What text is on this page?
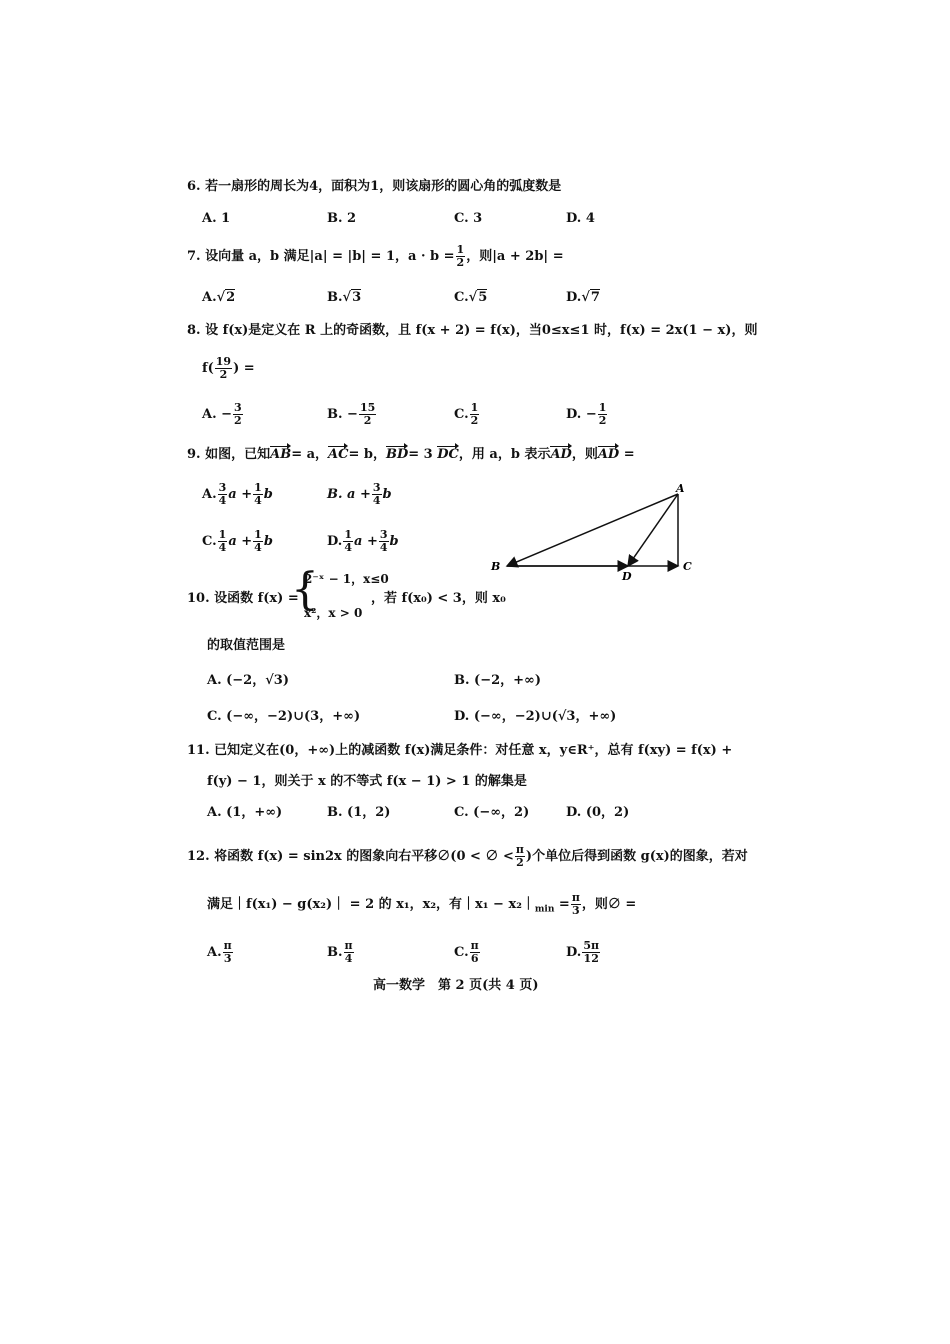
6. 若一扇形的周长为4，面积为1，则该扇形的圆心角的弧度数是
A. 1	B. 2	C. 3	D. 4
7. 设向量 a，b 满足|a| = |b| = 1，$a \cdot b = \frac{1}{2}$ ，则|a + 2b| =
A.√2	B.√3	C.√5	D.√7
8. 设 f(x)是定义在 R 上的奇函数，且 f(x + 2) = f(x)，当0≤x≤1 时，f(x) = 2x(1 − x)，则
$f( \frac{19}{2}$ ) =
A. − $\frac{3}{2}$	B. − $\frac{15}{2}$	C. $\frac{1}{2}$	D. − $\frac{1}{2}$
9. 如图，已知AB= a，AC= b，BD= 3 DC，用 a，b 表示AD，则AD =
A. $\frac{3}{4}$ $a + \frac{1}{4}$ b	B. $a + \frac{3}{4}$ b
C. $\frac{1}{4}$ $a + \frac{1}{4}$ b	D. $\frac{1}{4}$ $a + \frac{3}{4}$ b
A
B	C
D
10. 设函数 f(x) =
{
2⁻ˣ − 1，x≤0
x²，x > 0
，若 f(x₀) < 3，则 x₀
的取值范围是
A. (−2，√3)	B. (−2，+∞)
C. (−∞，−2)∪(3，+∞)	D. (−∞，−2)∪(√3，+∞)
11. 已知定义在(0，+∞)上的减函数 f(x)满足条件：对任意 x，y∈R⁺，总有 f(xy) = f(x) +
f(y) − 1，则关于 x 的不等式 f(x − 1) > 1 的解集是
A. (1，+∞)	B. (1，2)	C. (−∞，2)	D. (0，2)
12. 将函数 f(x) = sin2x 的图象向右平移∅(0 < ∅ < $\frac{\pi}{2}$ )个单位后得到函数 g(x)的图象，若对
满足｜f(x₁) − g(x₂)｜ = 2 的 x₁，x₂，有｜x₁ − $x_2|_{min} = \frac{\pi}{3}$ ，则∅ =
A. $\frac{\pi}{3}$	B. $\frac{\pi}{4}$	C. $\frac{\pi}{6}$	D. $\frac{5\pi}{12}$
高一数学　第 2 页(共 4 页)
